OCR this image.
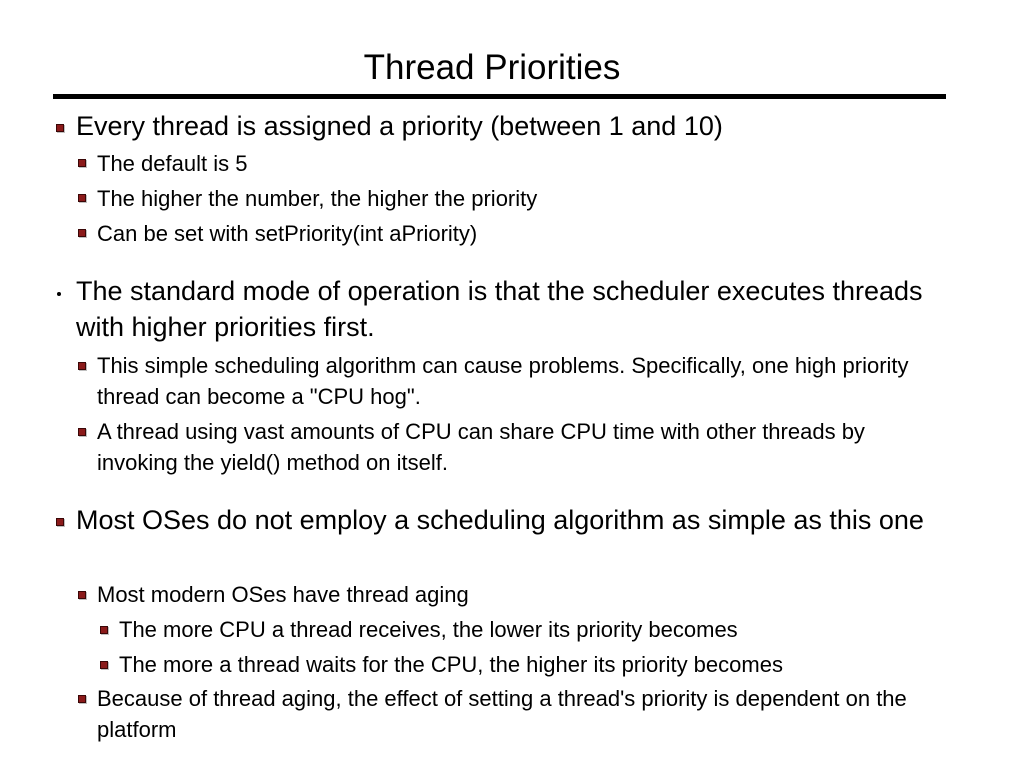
Thread Priorities

Every thread is assigned a priority (between 1 and 10)

The default is 5

The higher the number, the higher the priority

Can be set with setPriority(int aPriority)

The standard mode of operation is that the scheduler executes threads with higher priorities first.

This simple scheduling algorithm can cause problems. Specifically, one high priority thread can become a "CPU hog".

A thread using vast amounts of CPU can share CPU time with other threads by invoking the yield() method on itself.

Most OSes do not employ a scheduling algorithm as simple as this one

Most modern OSes have thread aging

The more CPU a thread receives, the lower its priority becomes

The more a thread waits for the CPU, the higher its priority becomes

Because of thread aging, the effect of setting a thread's priority is dependent on the platform
